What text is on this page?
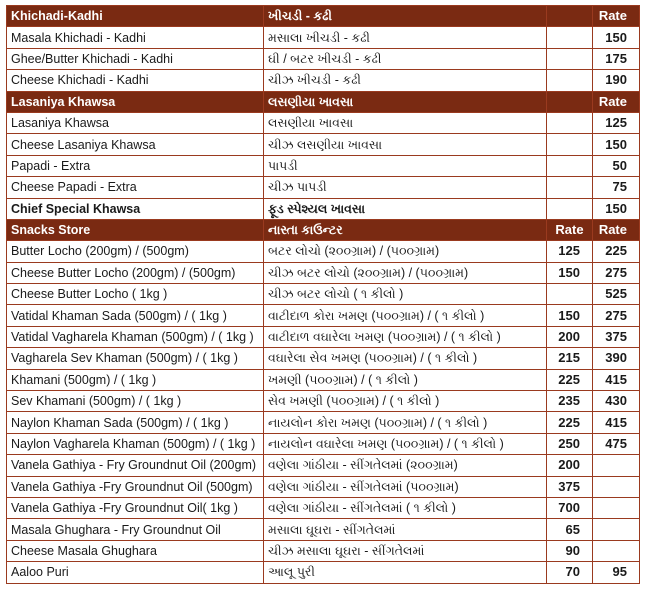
Khichadi-Kadhi	ખીચડી - કઢી		Rate
Masala Khichadi - Kadhi	મસાલા ખીચડી - કઢી		150
Ghee/Butter Khichadi - Kadhi	ઘી / બટર ખીચડી - કઢી		175
Cheese Khichadi - Kadhi	ચીઝ ખીચડી - કઢી		190
Lasaniya Khawsa	લસણીયા ખાવસા		Rate
Lasaniya Khawsa	લસણીયા ખાવસા		125
Cheese Lasaniya Khawsa	ચીઝ લસણીયા ખાવસા		150
Papadi - Extra	પાપડી		50
Cheese Papadi - Extra	ચીઝ પાપડી		75
Chief Special Khawsa	ફૂડ સ્પેશ્યલ ખાવસા		150
Snacks Store	નાસ્તા કાઉન્ટર	Rate	Rate
Butter Locho (200gm) / (500gm)	બટર લોચો (૨૦૦ગ્રામ) / (૫૦૦ગ્રામ)	125	225
Cheese Butter Locho (200gm) / (500gm)	ચીઝ બટર લોચો (૨૦૦ગ્રામ) / (૫૦૦ગ્રામ)	150	275
Cheese Butter Locho ( 1kg )	ચીઝ બટર લોચો ( ૧ કીલો )		525
Vatidal Khaman Sada (500gm) / ( 1kg )	વાટીદાળ કોરા ખમણ (૫૦૦ગ્રામ) / ( ૧ કીલો )	150	275
Vatidal Vagharela Khaman (500gm) / ( 1kg )	વાટીદાળ વઘારેલા ખમણ (૫૦૦ગ્રામ) / ( ૧ કીલો )	200	375
Vagharela Sev Khaman (500gm) / ( 1kg )	વઘારેલા સેવ ખમણ (૫૦૦ગ્રામ) / ( ૧ કીલો )	215	390
Khamani (500gm) / ( 1kg )	ખમણી (૫૦૦ગ્રામ) / ( ૧ કીલો )	225	415
Sev Khamani (500gm) / ( 1kg )	સેવ ખમણી (૫૦૦ગ્રામ) / ( ૧ કીલો )	235	430
Naylon Khaman Sada (500gm) / ( 1kg )	નાયલોન કોરા ખમણ (૫૦૦ગ્રામ) / ( ૧ કીલો )	225	415
Naylon Vagharela Khaman (500gm) / ( 1kg )	નાયલોન વઘારેલા ખમણ (૫૦૦ગ્રામ) / ( ૧ કીલો )	250	475
Vanela Gathiya - Fry Groundnut Oil (200gm)	વણેલા ગાંઠીયા - સીંગતેલમાં (૨૦૦ગ્રામ)	200	
Vanela Gathiya -Fry Groundnut Oil (500gm)	વણેલા ગાંઠીયા - સીંગતેલમાં (૫૦૦ગ્રામ)	375	
Vanela Gathiya -Fry Groundnut Oil( 1kg )	વણેલા ગાંઠીયા - સીંગતેલમાં ( ૧ કીલો )	700	
Masala Ghughara - Fry Groundnut Oil	મસાલા ઘૂઘરા - સીંગતેલમાં	65	
Cheese Masala Ghughara	ચીઝ મસાલા ઘૂઘરા - સીંગતેલમાં	90	
Aaloo Puri	આલૂ પુરી	70	95
